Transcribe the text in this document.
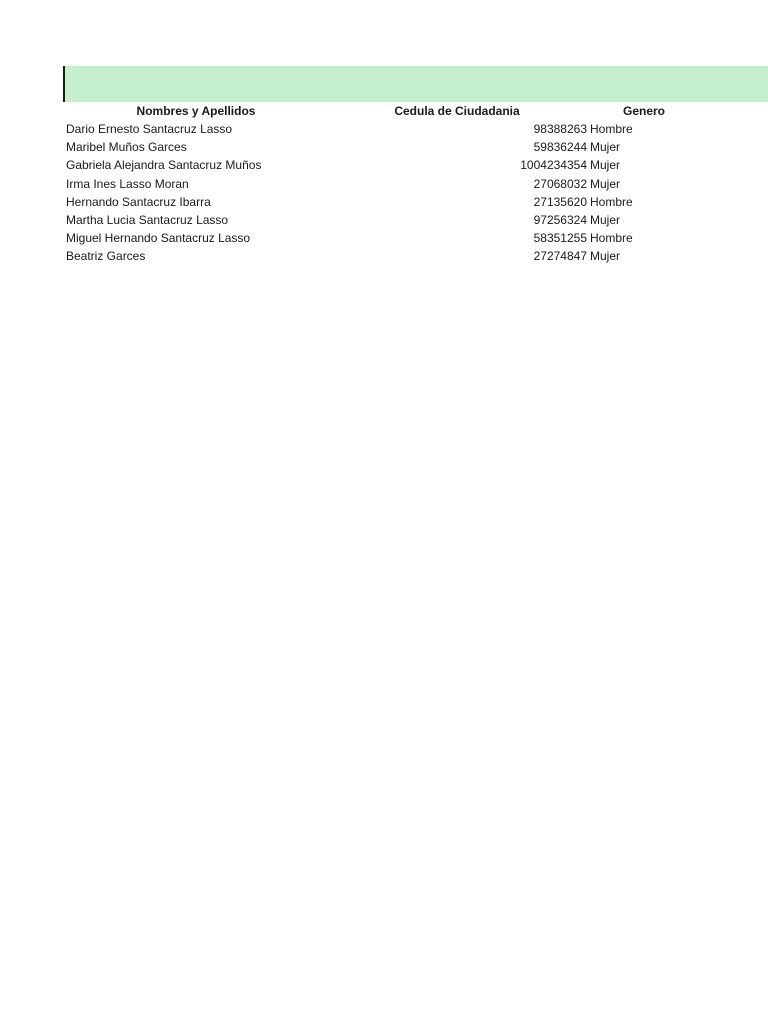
Nombres y Apellidos	Cedula de Ciudadania	Genero
Dario Ernesto Santacruz Lasso	98388263 Hombre
Maribel Muños Garces	59836244 Mujer
Gabriela Alejandra Santacruz Muños	1004234354 Mujer
Irma Ines Lasso Moran	27068032 Mujer
Hernando Santacruz Ibarra	27135620 Hombre
Martha Lucia Santacruz Lasso	97256324 Mujer
Miguel Hernando Santacruz Lasso	58351255 Hombre
Beatriz Garces	27274847 Mujer
